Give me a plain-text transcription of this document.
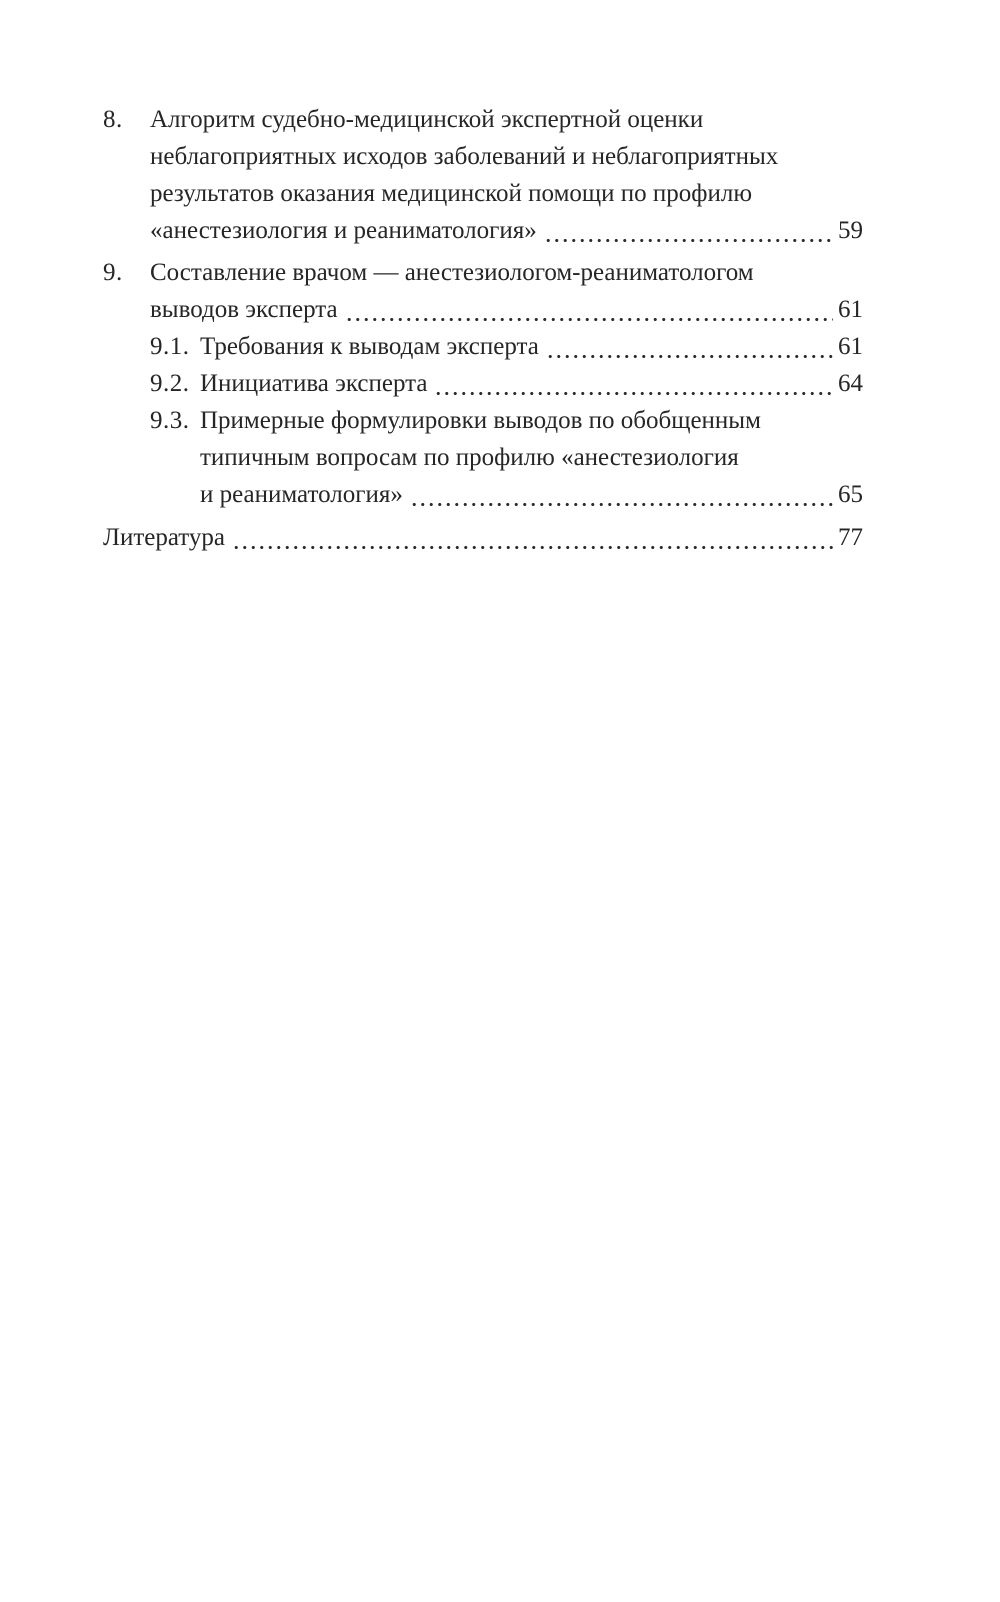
8.	Алгоритм судебно-медицинской экспертной оценки
неблагоприятных исходов заболеваний и неблагоприятных
результатов оказания медицинской помощи по профилю
«анестезиология и реаниматология»	59
9.	Составление врачом — анестезиологом-реаниматологом
выводов эксперта	61
9.1. Требования к выводам эксперта	61
9.2. Инициатива эксперта	64
9.3. Примерные формулировки выводов по обобщенным
типичным вопросам по профилю «анестезиология
и реаниматология»	65
Литература	77
